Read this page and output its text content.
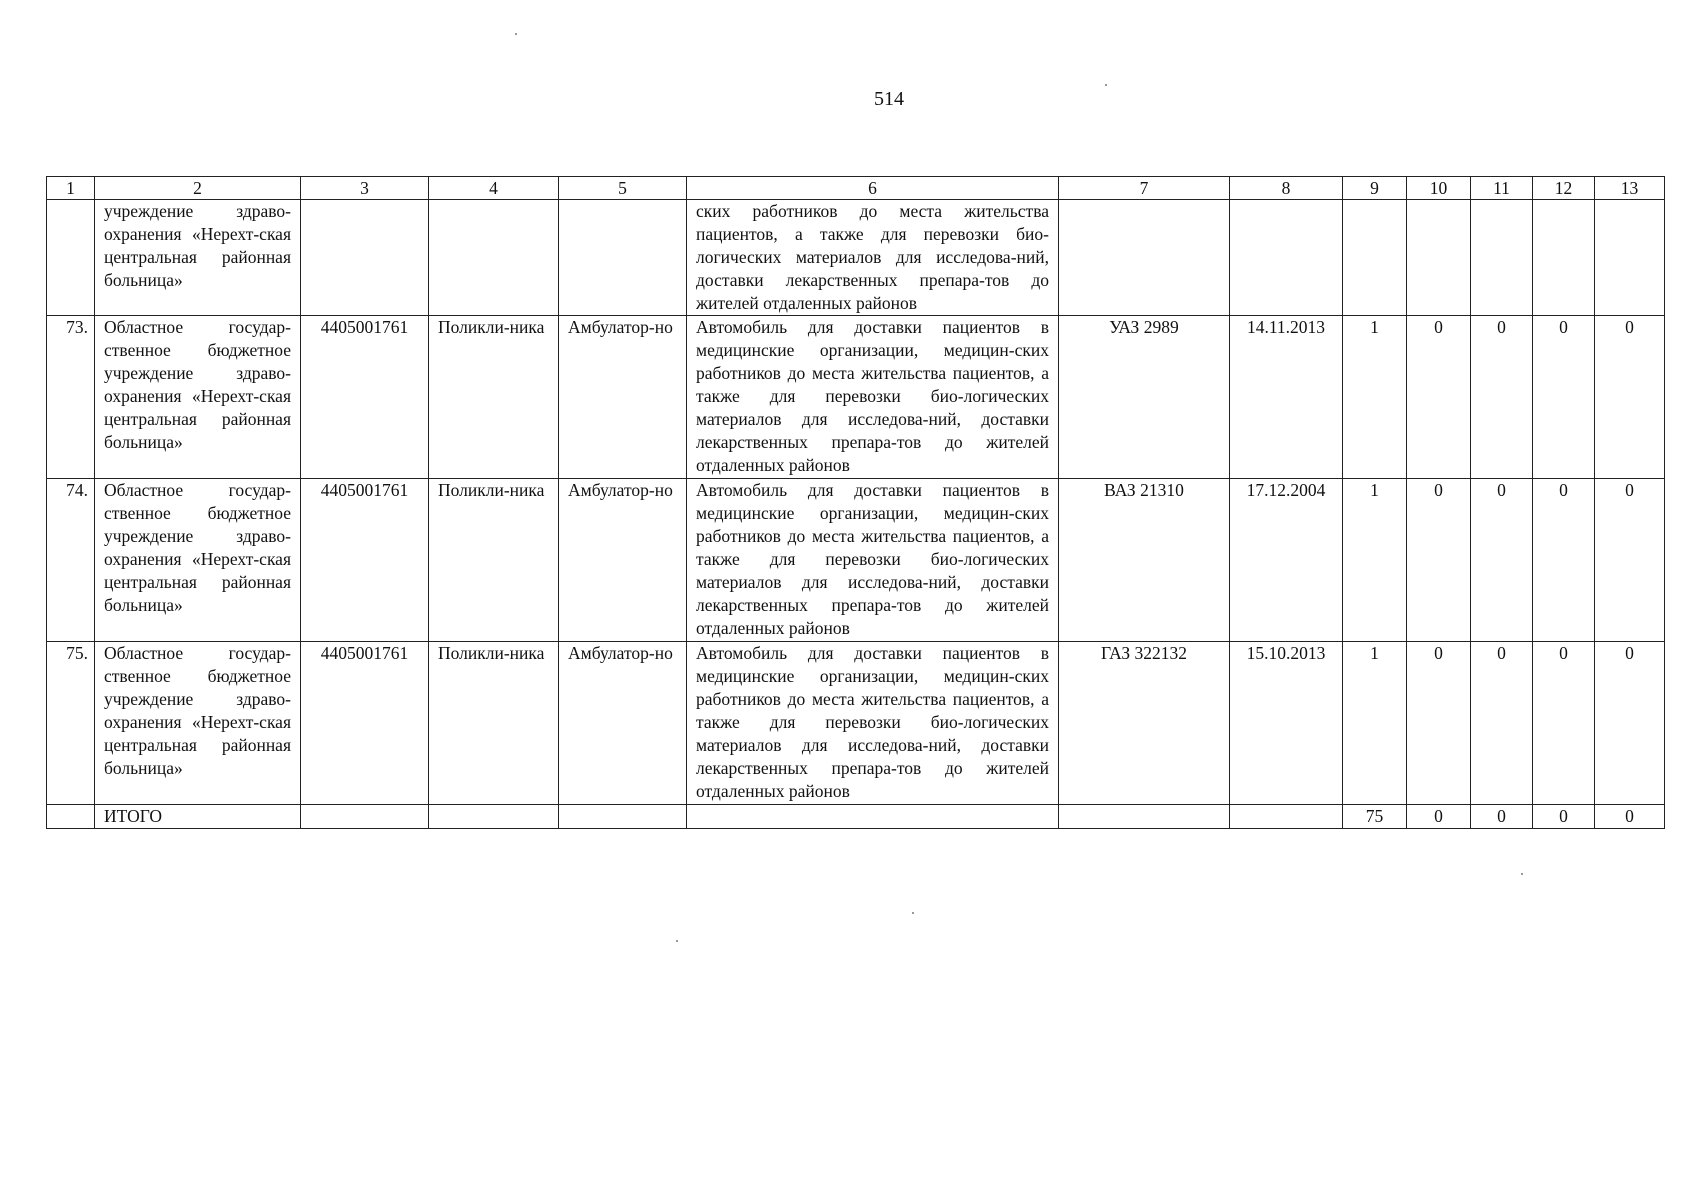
514
1	2	3	4	5	6	7	8	9	10	11	12	13
	учреждение здраво-охранения «Нерехт-ская центральная районная больница»				ских работников до места жительства пациентов, а также для перевозки био-логических материалов для исследова-ний, доставки лекарственных препара-тов до жителей отдаленных районов							
73.	Областное государ-ственное бюджетное учреждение здраво-охранения «Нерехт-ская центральная районная больница»	4405001761	Поликли-ника	Амбулатор-но	Автомобиль для доставки пациентов в медицинские организации, медицин-ских работников до места жительства пациентов, а также для перевозки био-логических материалов для исследова-ний, доставки лекарственных препара-тов до жителей отдаленных районов	УАЗ 2989	14.11.2013	1	0	0	0	0
74.	Областное государ-ственное бюджетное учреждение здраво-охранения «Нерехт-ская центральная районная больница»	4405001761	Поликли-ника	Амбулатор-но	Автомобиль для доставки пациентов в медицинские организации, медицин-ских работников до места жительства пациентов, а также для перевозки био-логических материалов для исследова-ний, доставки лекарственных препара-тов до жителей отдаленных районов	ВАЗ 21310	17.12.2004	1	0	0	0	0
75.	Областное государ-ственное бюджетное учреждение здраво-охранения «Нерехт-ская центральная районная больница»	4405001761	Поликли-ника	Амбулатор-но	Автомобиль для доставки пациентов в медицинские организации, медицин-ских работников до места жительства пациентов, а также для перевозки био-логических материалов для исследова-ний, доставки лекарственных препара-тов до жителей отдаленных районов	ГАЗ 322132	15.10.2013	1	0	0	0	0
	ИТОГО							75	0	0	0	0
